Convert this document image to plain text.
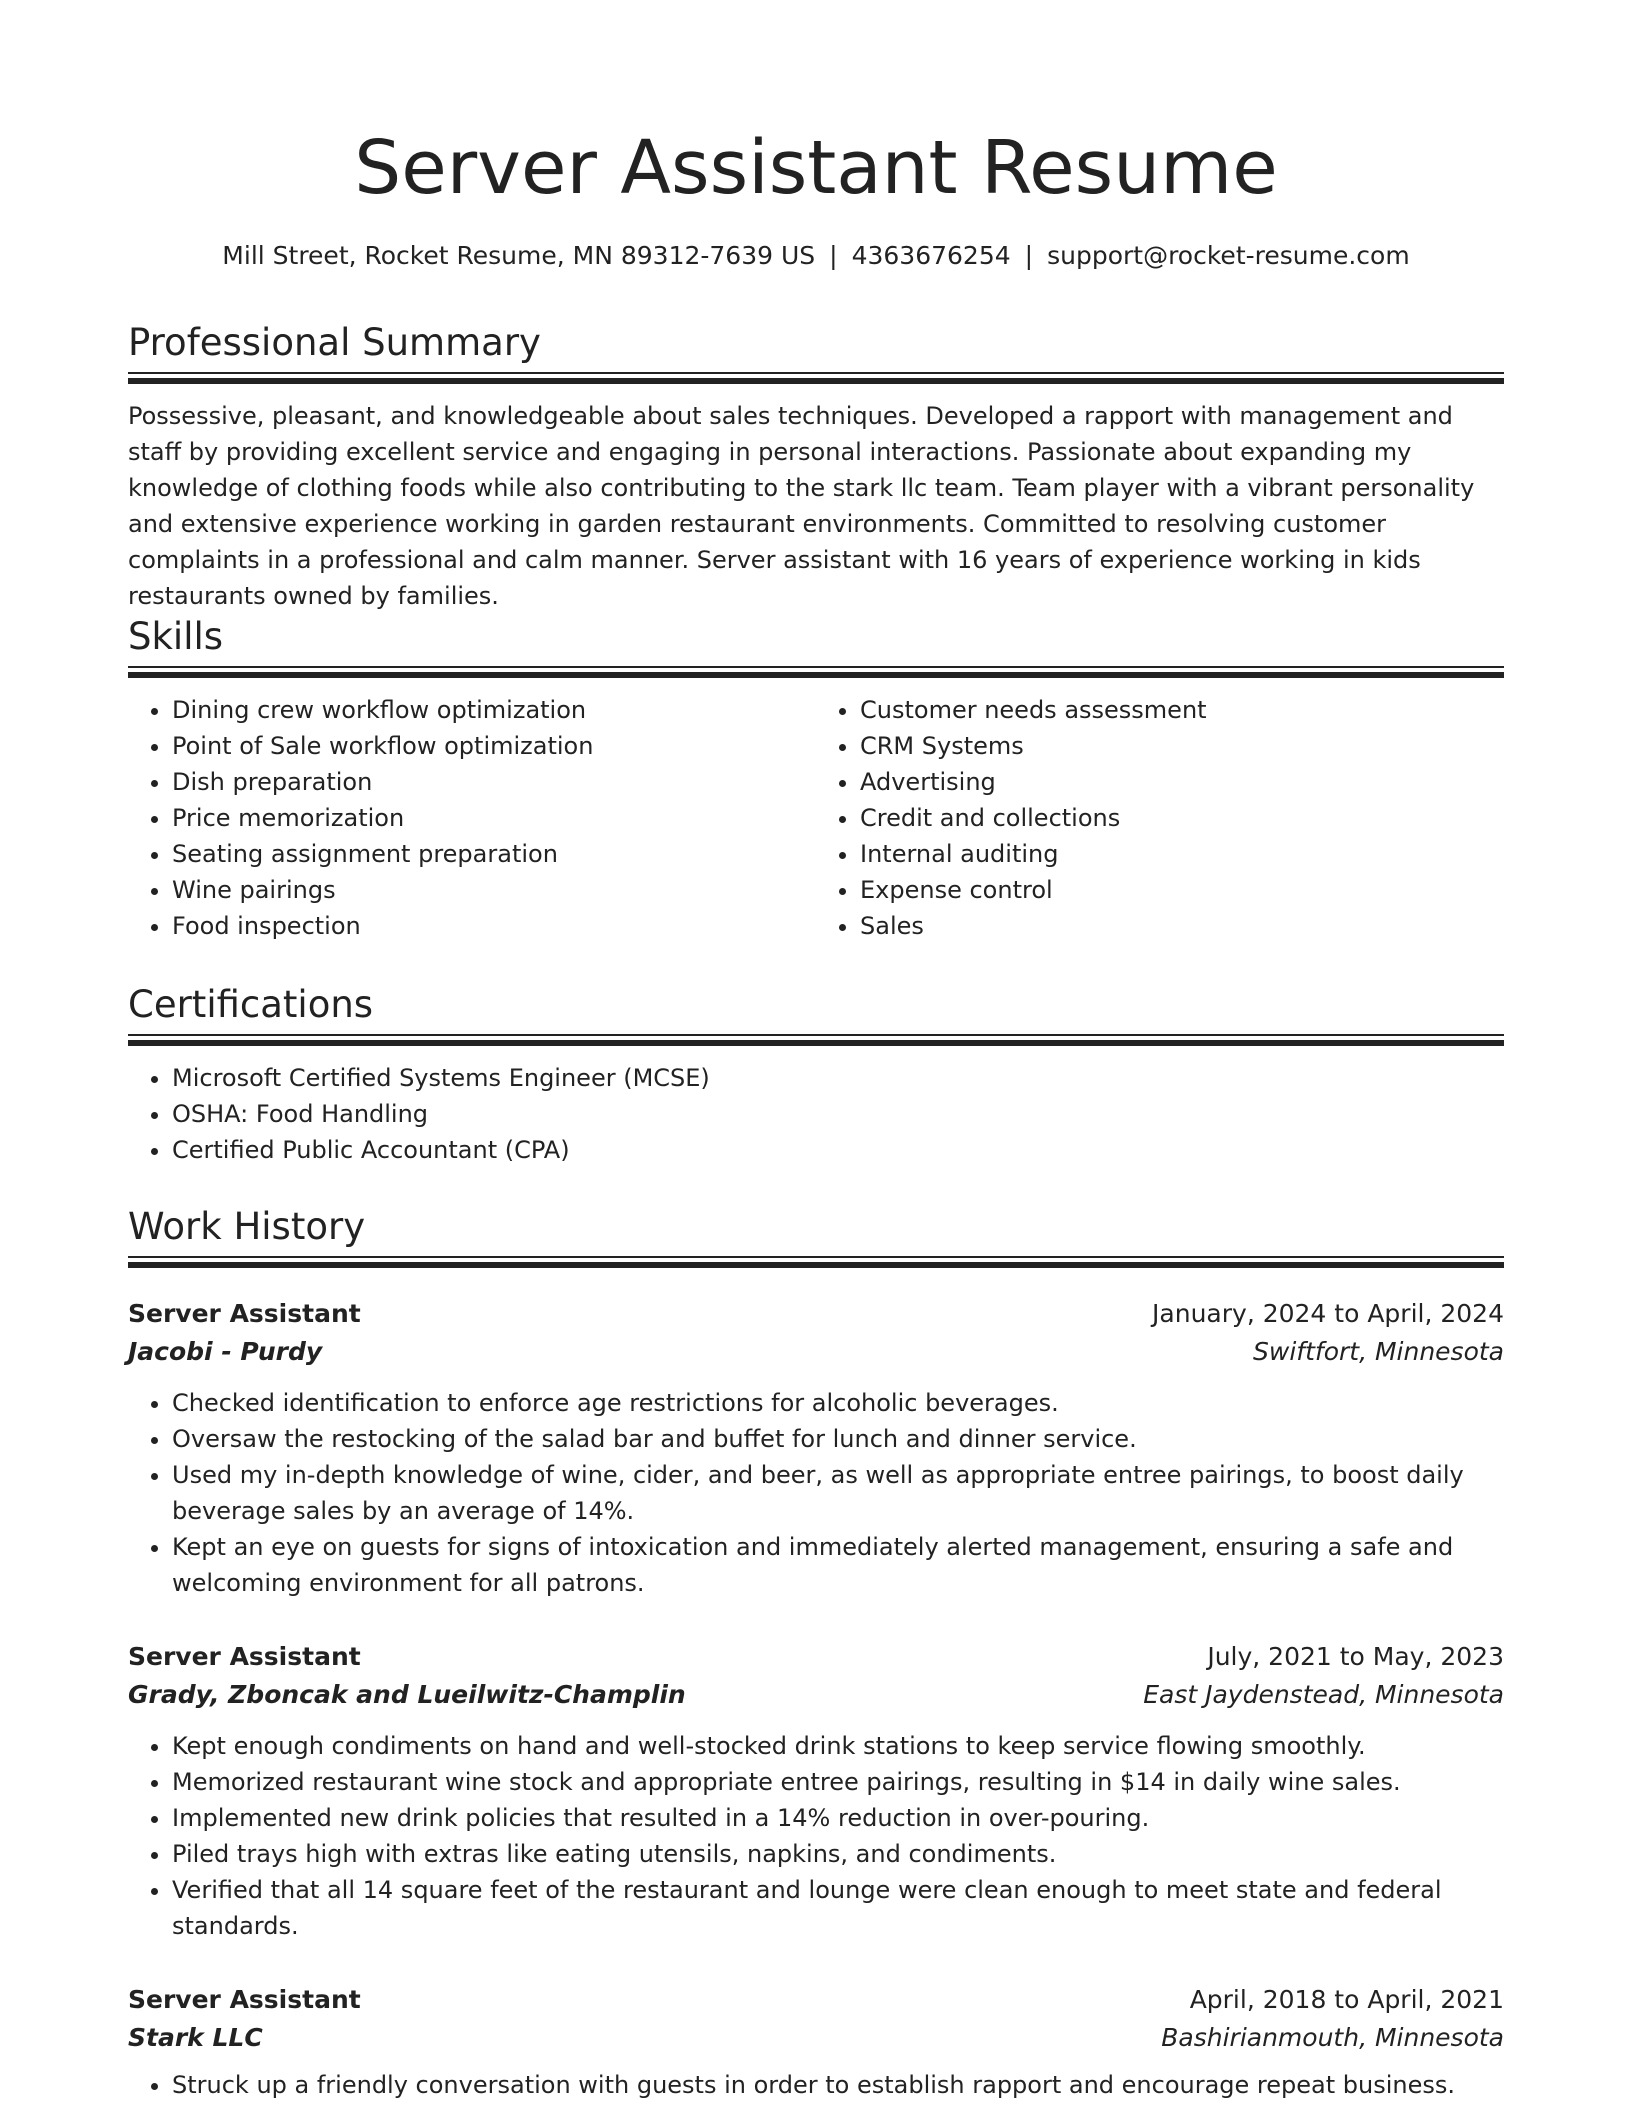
Server Assistant Resume
Mill Street, Rocket Resume, MN 89312-7639 US | 4363676254 | support@rocket-resume.com
Professional Summary

Possessive, pleasant, and knowledgeable about sales techniques. Developed a rapport with management and staff by providing excellent service and engaging in personal interactions. Passionate about expanding my knowledge of clothing foods while also contributing to the stark llc team. Team player with a vibrant personality and extensive experience working in garden restaurant environments. Committed to resolving customer complaints in a professional and calm manner. Server assistant with 16 years of experience working in kids restaurants owned by families.

Skills
• Dining crew workflow optimization
• Point of Sale workflow optimization
• Dish preparation
• Price memorization
• Seating assignment preparation
• Wine pairings
• Food inspection
• Customer needs assessment
• CRM Systems
• Advertising
• Credit and collections
• Internal auditing
• Expense control
• Sales
Certifications
• Microsoft Certified Systems Engineer (MCSE)
• OSHA: Food Handling
• Certified Public Accountant (CPA)
Work History
Server Assistant	January, 2024 to April, 2024
Jacobi - Purdy	Swiftfort, Minnesota
• Checked identification to enforce age restrictions for alcoholic beverages.
• Oversaw the restocking of the salad bar and buffet for lunch and dinner service.
• Used my in-depth knowledge of wine, cider, and beer, as well as appropriate entree pairings, to boost daily beverage sales by an average of 14%.
• Kept an eye on guests for signs of intoxication and immediately alerted management, ensuring a safe and welcoming environment for all patrons.
Server Assistant	July, 2021 to May, 2023
Grady, Zboncak and Lueilwitz-Champlin	East Jaydenstead, Minnesota
• Kept enough condiments on hand and well-stocked drink stations to keep service flowing smoothly.
• Memorized restaurant wine stock and appropriate entree pairings, resulting in $14 in daily wine sales.
• Implemented new drink policies that resulted in a 14% reduction in over-pouring.
• Piled trays high with extras like eating utensils, napkins, and condiments.
• Verified that all 14 square feet of the restaurant and lounge were clean enough to meet state and federal standards.
Server Assistant	April, 2018 to April, 2021
Stark LLC	Bashirianmouth, Minnesota
• Struck up a friendly conversation with guests in order to establish rapport and encourage repeat business.
